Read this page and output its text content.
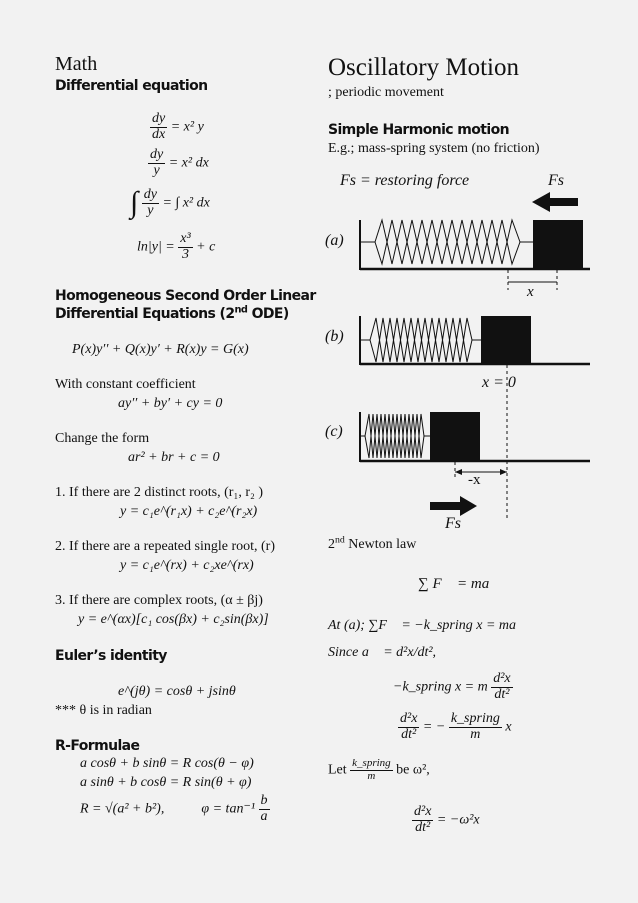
Math
Differential equation
$\frac{dy}{dx} = x^2$ y
$\frac{dy}{y} = x^2$ dx
∫ $\frac{dy}{y}$ = ∫ x² dx
$\ln|y| = \frac{\text{x³}}{3} + c$
Homogeneous Second Order Linear
Differential Equations (2nd ODE)
P(x)y′′ + Q(x)y′ + R(x)y = G(x)
With constant coefficient
ay′′ + by′ + cy = 0
Change the form
ar² + br + c = 0
1. If there are 2 distinct roots, (r₁, r₂ )
y = c₁e^(r₁x) + c₂e^(r₂x)
2. If there are a repeated single root, (r)
y = c₁e^(rx) + c₂xe^(rx)
3. If there are complex roots, (α ± βj)
y = e^(αx)[c₁ cos(βx) + c₂sin(βx)]
Euler’s identity
e^(jθ) = cosθ + jsinθ
*** θ is in radian
R-Formulae
a cosθ + b sinθ = R cos(θ − φ)
a sinθ + b cosθ = R sin(θ + φ)
R = √(a² + b²),	$\varphi = \tan^{-1} \frac{b}{a}$
Oscillatory Motion
; periodic movement
Simple Harmonic motion
E.g.; mass-spring system (no friction)
Fs = restoring force	Fs
(a)
x
(b)
x = 0
(c)
-x
Fs
2nd Newton law
∑ F⃗ = ma⃗
At (a); ∑F⃗ = −k_spring x = ma⃗
Since a⃗ = d²x/dt²,
−k_spring x = m $\frac{\text{d²x}}{\text{dt²}}$
$\frac{\text{d²x}}{\text{dt²}}$ = − $\frac{\text{k\_spring}}{m}$ x
Let $\frac{\text{k\_spring}}{m}$ be ω²,
$\frac{\text{d²x}}{\text{dt²}} = -\omega^2x$
